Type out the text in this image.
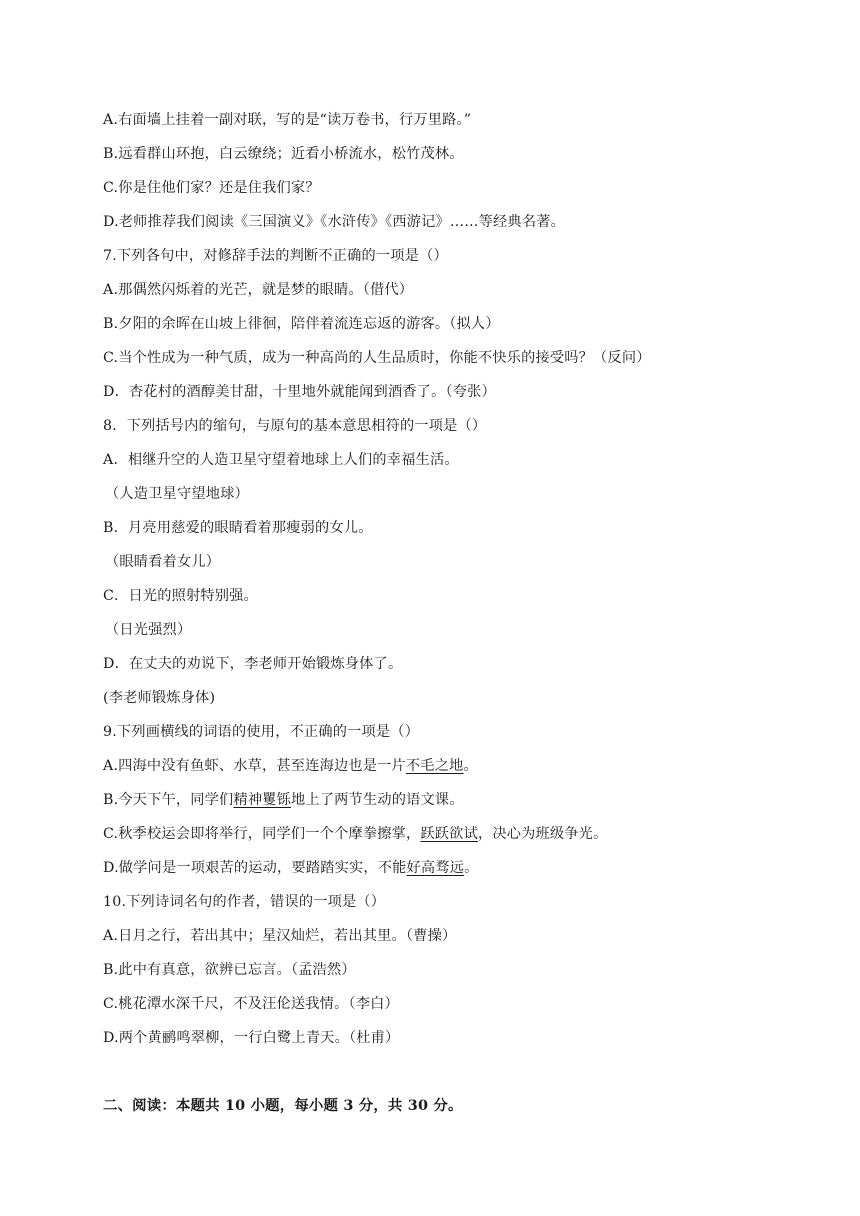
A.右面墙上挂着一副对联，写的是“读万卷书，行万里路。”
B.远看群山环抱，白云缭绕；近看小桥流水，松竹茂林。
C.你是住他们家？还是住我们家？
D.老师推荐我们阅读《三国演义》《水浒传》《西游记》……等经典名著。
7.下列各句中，对修辞手法的判断不正确的一项是（）
A.那偶然闪烁着的光芒，就是梦的眼睛。（借代）
B.夕阳的余晖在山坡上徘徊，陪伴着流连忘返的游客。（拟人）
C.当个性成为一种气质，成为一种高尚的人生品质时，你能不快乐的接受吗？（反问）
D．杏花村的酒醇美甘甜，十里地外就能闻到酒香了。（夸张）
8．下列括号内的缩句，与原句的基本意思相符的一项是（）
A．相继升空的人造卫星守望着地球上人们的幸福生活。
（人造卫星守望地球）
B．月亮用慈爱的眼睛看着那瘦弱的女儿。
（眼睛看着女儿）
C．日光的照射特别强。
（日光强烈）
D．在丈夫的劝说下，李老师开始锻炼身体了。
(李老师锻炼身体)
9.下列画横线的词语的使用，不正确的一项是（）
A.四海中没有鱼虾、水草，甚至连海边也是一片不毛之地。
B.今天下午，同学们精神矍铄地上了两节生动的语文课。
C.秋季校运会即将举行，同学们一个个摩拳擦掌，跃跃欲试，决心为班级争光。
D.做学问是一项艰苦的运动，要踏踏实实，不能好高骛远。
10.下列诗词名句的作者，错误的一项是（）
A.日月之行，若出其中；星汉灿烂，若出其里。（曹操）
B.此中有真意，欲辨已忘言。（孟浩然）
C.桃花潭水深千尺，不及汪伦送我情。（李白）
D.两个黄鹂鸣翠柳，一行白鹭上青天。（杜甫）
二、阅读：本题共 10 小题，每小题 3 分，共 30 分。
